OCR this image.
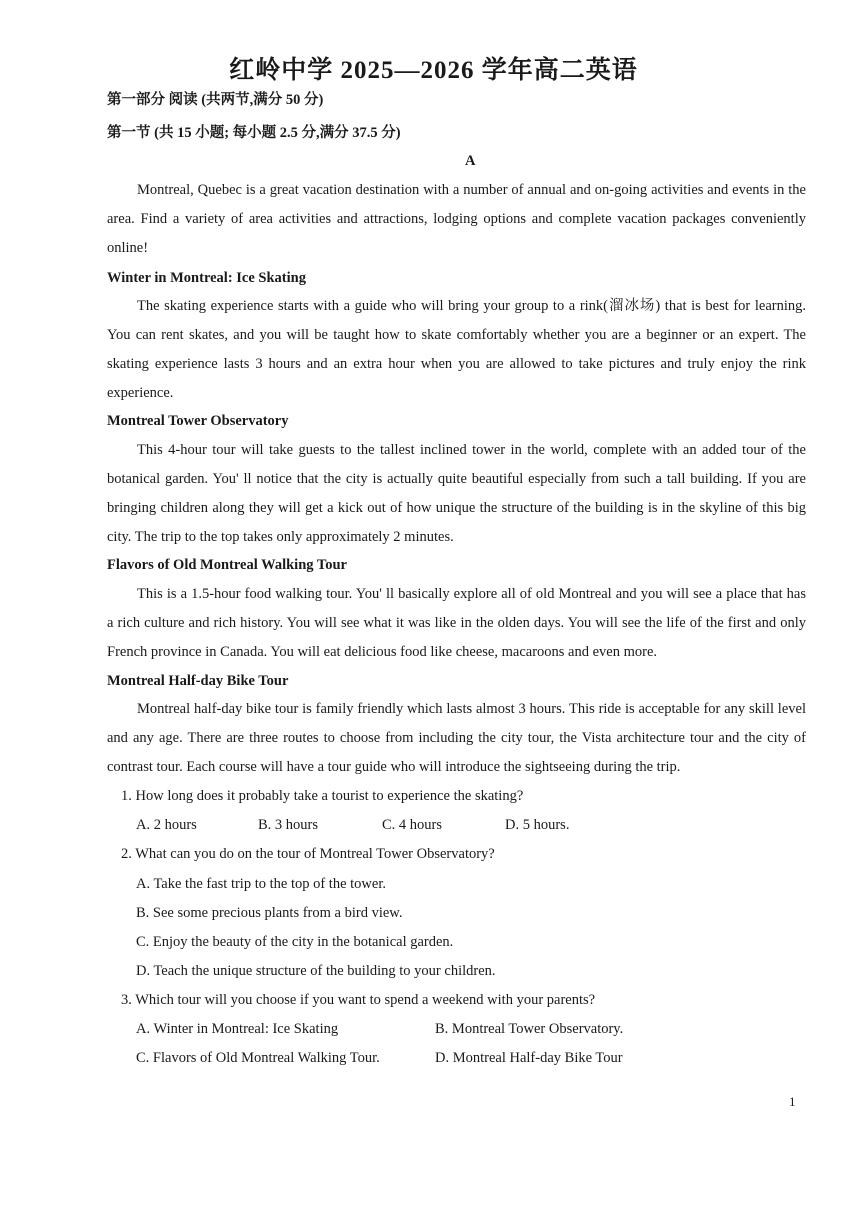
红岭中学 2025—2026 学年高二英语
第一部分 阅读 (共两节,满分 50 分)
第一节 (共 15 小题; 每小题 2.5 分,满分 37.5 分)
A

Montreal, Quebec is a great vacation destination with a number of annual and on-going activities and events in the area. Find a variety of area activities and attractions, lodging options and complete vacation packages conveniently online!

Winter in Montreal: Ice Skating

The skating experience starts with a guide who will bring your group to a rink(溜冰场) that is best for learning. You can rent skates, and you will be taught how to skate comfortably whether you are a beginner or an expert. The skating experience lasts 3 hours and an extra hour when you are allowed to take pictures and truly enjoy the rink experience.

Montreal Tower Observatory

This 4-hour tour will take guests to the tallest inclined tower in the world, complete with an added tour of the botanical garden. You' ll notice that the city is actually quite beautiful especially from such a tall building. If you are bringing children along they will get a kick out of how unique the structure of the building is in the skyline of this big city. The trip to the top takes only approximately 2 minutes.

Flavors of Old Montreal Walking Tour

This is a 1.5-hour food walking tour. You' ll basically explore all of old Montreal and you will see a place that has a rich culture and rich history. You will see what it was like in the olden days. You will see the life of the first and only French province in Canada. You will eat delicious food like cheese, macaroons and even more.

Montreal Half-day Bike Tour

Montreal half-day bike tour is family friendly which lasts almost 3 hours. This ride is acceptable for any skill level and any age. There are three routes to choose from including the city tour, the Vista architecture tour and the city of contrast tour. Each course will have a tour guide who will introduce the sightseeing during the trip.

1. How long does it probably take a tourist to experience the skating?
A. 2 hours	B. 3 hours	C. 4 hours	D. 5 hours.
2. What can you do on the tour of Montreal Tower Observatory?
A. Take the fast trip to the top of the tower.
B. See some precious plants from a bird view.
C. Enjoy the beauty of the city in the botanical garden.
D. Teach the unique structure of the building to your children.
3. Which tour will you choose if you want to spend a weekend with your parents?
A. Winter in Montreal: Ice Skating	B. Montreal Tower Observatory.
C. Flavors of Old Montreal Walking Tour.	D. Montreal Half-day Bike Tour
1
